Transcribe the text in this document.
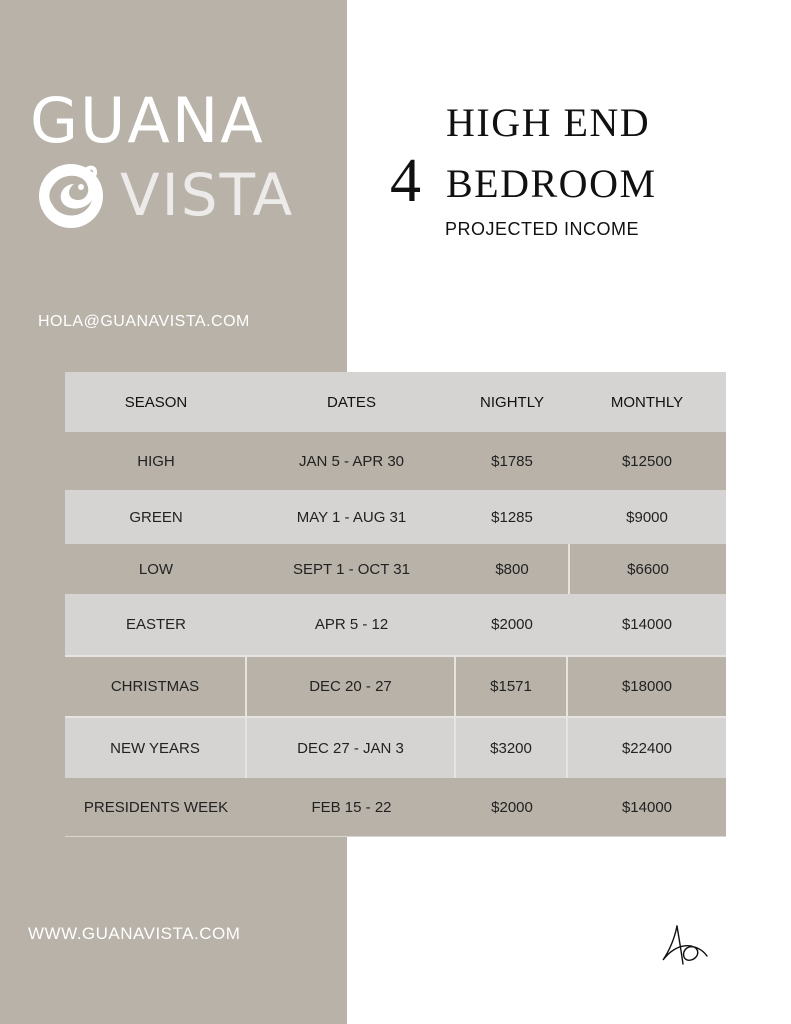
GUANA
VISTA
HOLA@GUANAVISTA.COM
HIGH END
4 BEDROOM
PROJECTED INCOME
SEASON	DATES	NIGHTLY	MONTHLY
HIGH	JAN 5 - APR 30	$1785	$12500
GREEN	MAY 1 - AUG 31	$1285	$9000
LOW	SEPT 1 - OCT 31	$800	$6600
EASTER	APR 5 - 12	$2000	$14000
CHRISTMAS	DEC 20 - 27	$1571	$18000
NEW YEARS	DEC 27 - JAN 3	$3200	$22400
PRESIDENTS WEEK	FEB 15 - 22	$2000	$14000
WWW.GUANAVISTA.COM
